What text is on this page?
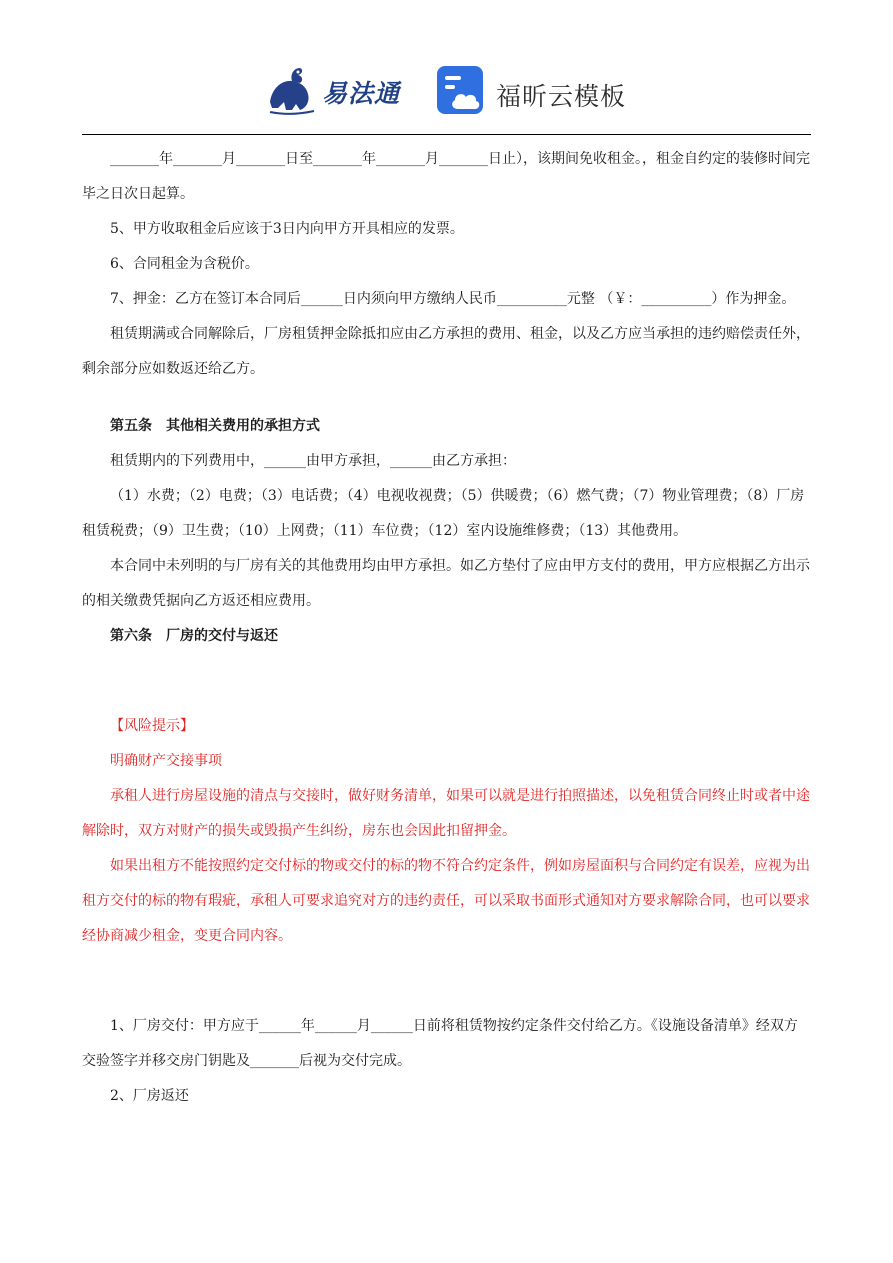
易法通	福昕云模板

_______年_______月_______日至_______年_______月_______日止），该期间免收租金。，租金自约定的装修时间完毕之日次日起算。

5、甲方收取租金后应该于3日内向甲方开具相应的发票。

6、合同租金为含税价。

7、押金：乙方在签订本合同后______日内须向甲方缴纳人民币__________元整 （￥：__________）作为押金。

租赁期满或合同解除后，厂房租赁押金除抵扣应由乙方承担的费用、租金，以及乙方应当承担的违约赔偿责任外，剩余部分应如数返还给乙方。

第五条　其他相关费用的承担方式

租赁期内的下列费用中，______由甲方承担，______由乙方承担：

（1）水费；（2）电费；（3）电话费；（4）电视收视费；（5）供暖费；（6）燃气费；（7）物业管理费；（8）厂房租赁税费；（9）卫生费；（10）上网费；（11）车位费；（12）室内设施维修费；（13）其他费用。

本合同中未列明的与厂房有关的其他费用均由甲方承担。如乙方垫付了应由甲方支付的费用，甲方应根据乙方出示的相关缴费凭据向乙方返还相应费用。

第六条　厂房的交付与返还

【风险提示】

明确财产交接事项

承租人进行房屋设施的清点与交接时，做好财务清单，如果可以就是进行拍照描述，以免租赁合同终止时或者中途解除时，双方对财产的损失或毁损产生纠纷，房东也会因此扣留押金。

如果出租方不能按照约定交付标的物或交付的标的物不符合约定条件，例如房屋面积与合同约定有误差，应视为出租方交付的标的物有瑕疵，承租人可要求追究对方的违约责任，可以采取书面形式通知对方要求解除合同，也可以要求经协商减少租金，变更合同内容。

1、厂房交付：甲方应于______年______月______日前将租赁物按约定条件交付给乙方。《设施设备清单》经双方交验签字并移交房门钥匙及_______后视为交付完成。

2、厂房返还
